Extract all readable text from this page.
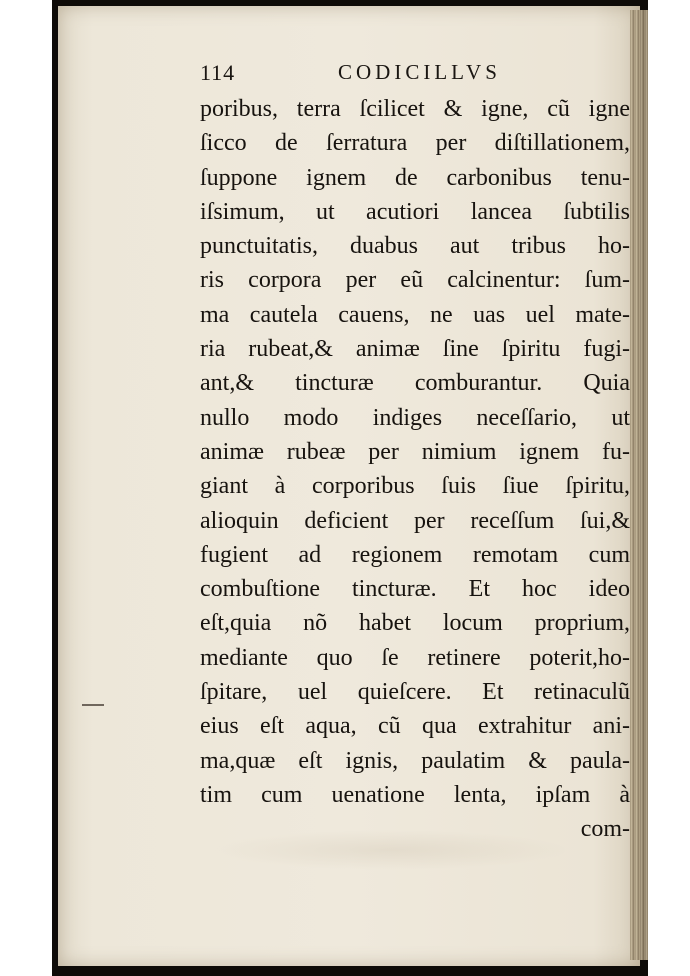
114	CODICILLVS
poribus, terra ſcilicet & igne, cũ igne
ſicco de ſerratura per diſtillationem,
ſuppone ignem de carbonibus tenu-
iſsimum, ut acutiori lancea ſubtilis
punctuitatis, duabus aut tribus ho-
ris corpora per eũ calcinentur: ſum-
ma cautela cauens, ne uas uel mate-
ria rubeat,& animæ ſine ſpiritu fugi-
ant,& tincturæ comburantur. Quia
nullo modo indiges neceſſario, ut
animæ rubeæ per nimium ignem fu-
giant à corporibus ſuis ſiue ſpiritu,
alioquin deficient per receſſum ſui,&
fugient ad regionem remotam cum
combuſtione tincturæ. Et hoc ideo
eſt,quia nõ habet locum proprium,
mediante quo ſe retinere poterit,ho-
ſpitare, uel quieſcere. Et retinaculũ
eius eſt aqua, cũ qua extrahitur ani-
ma,quæ eſt ignis, paulatim & paula-
tim cum uenatione lenta, ipſam à
com-
